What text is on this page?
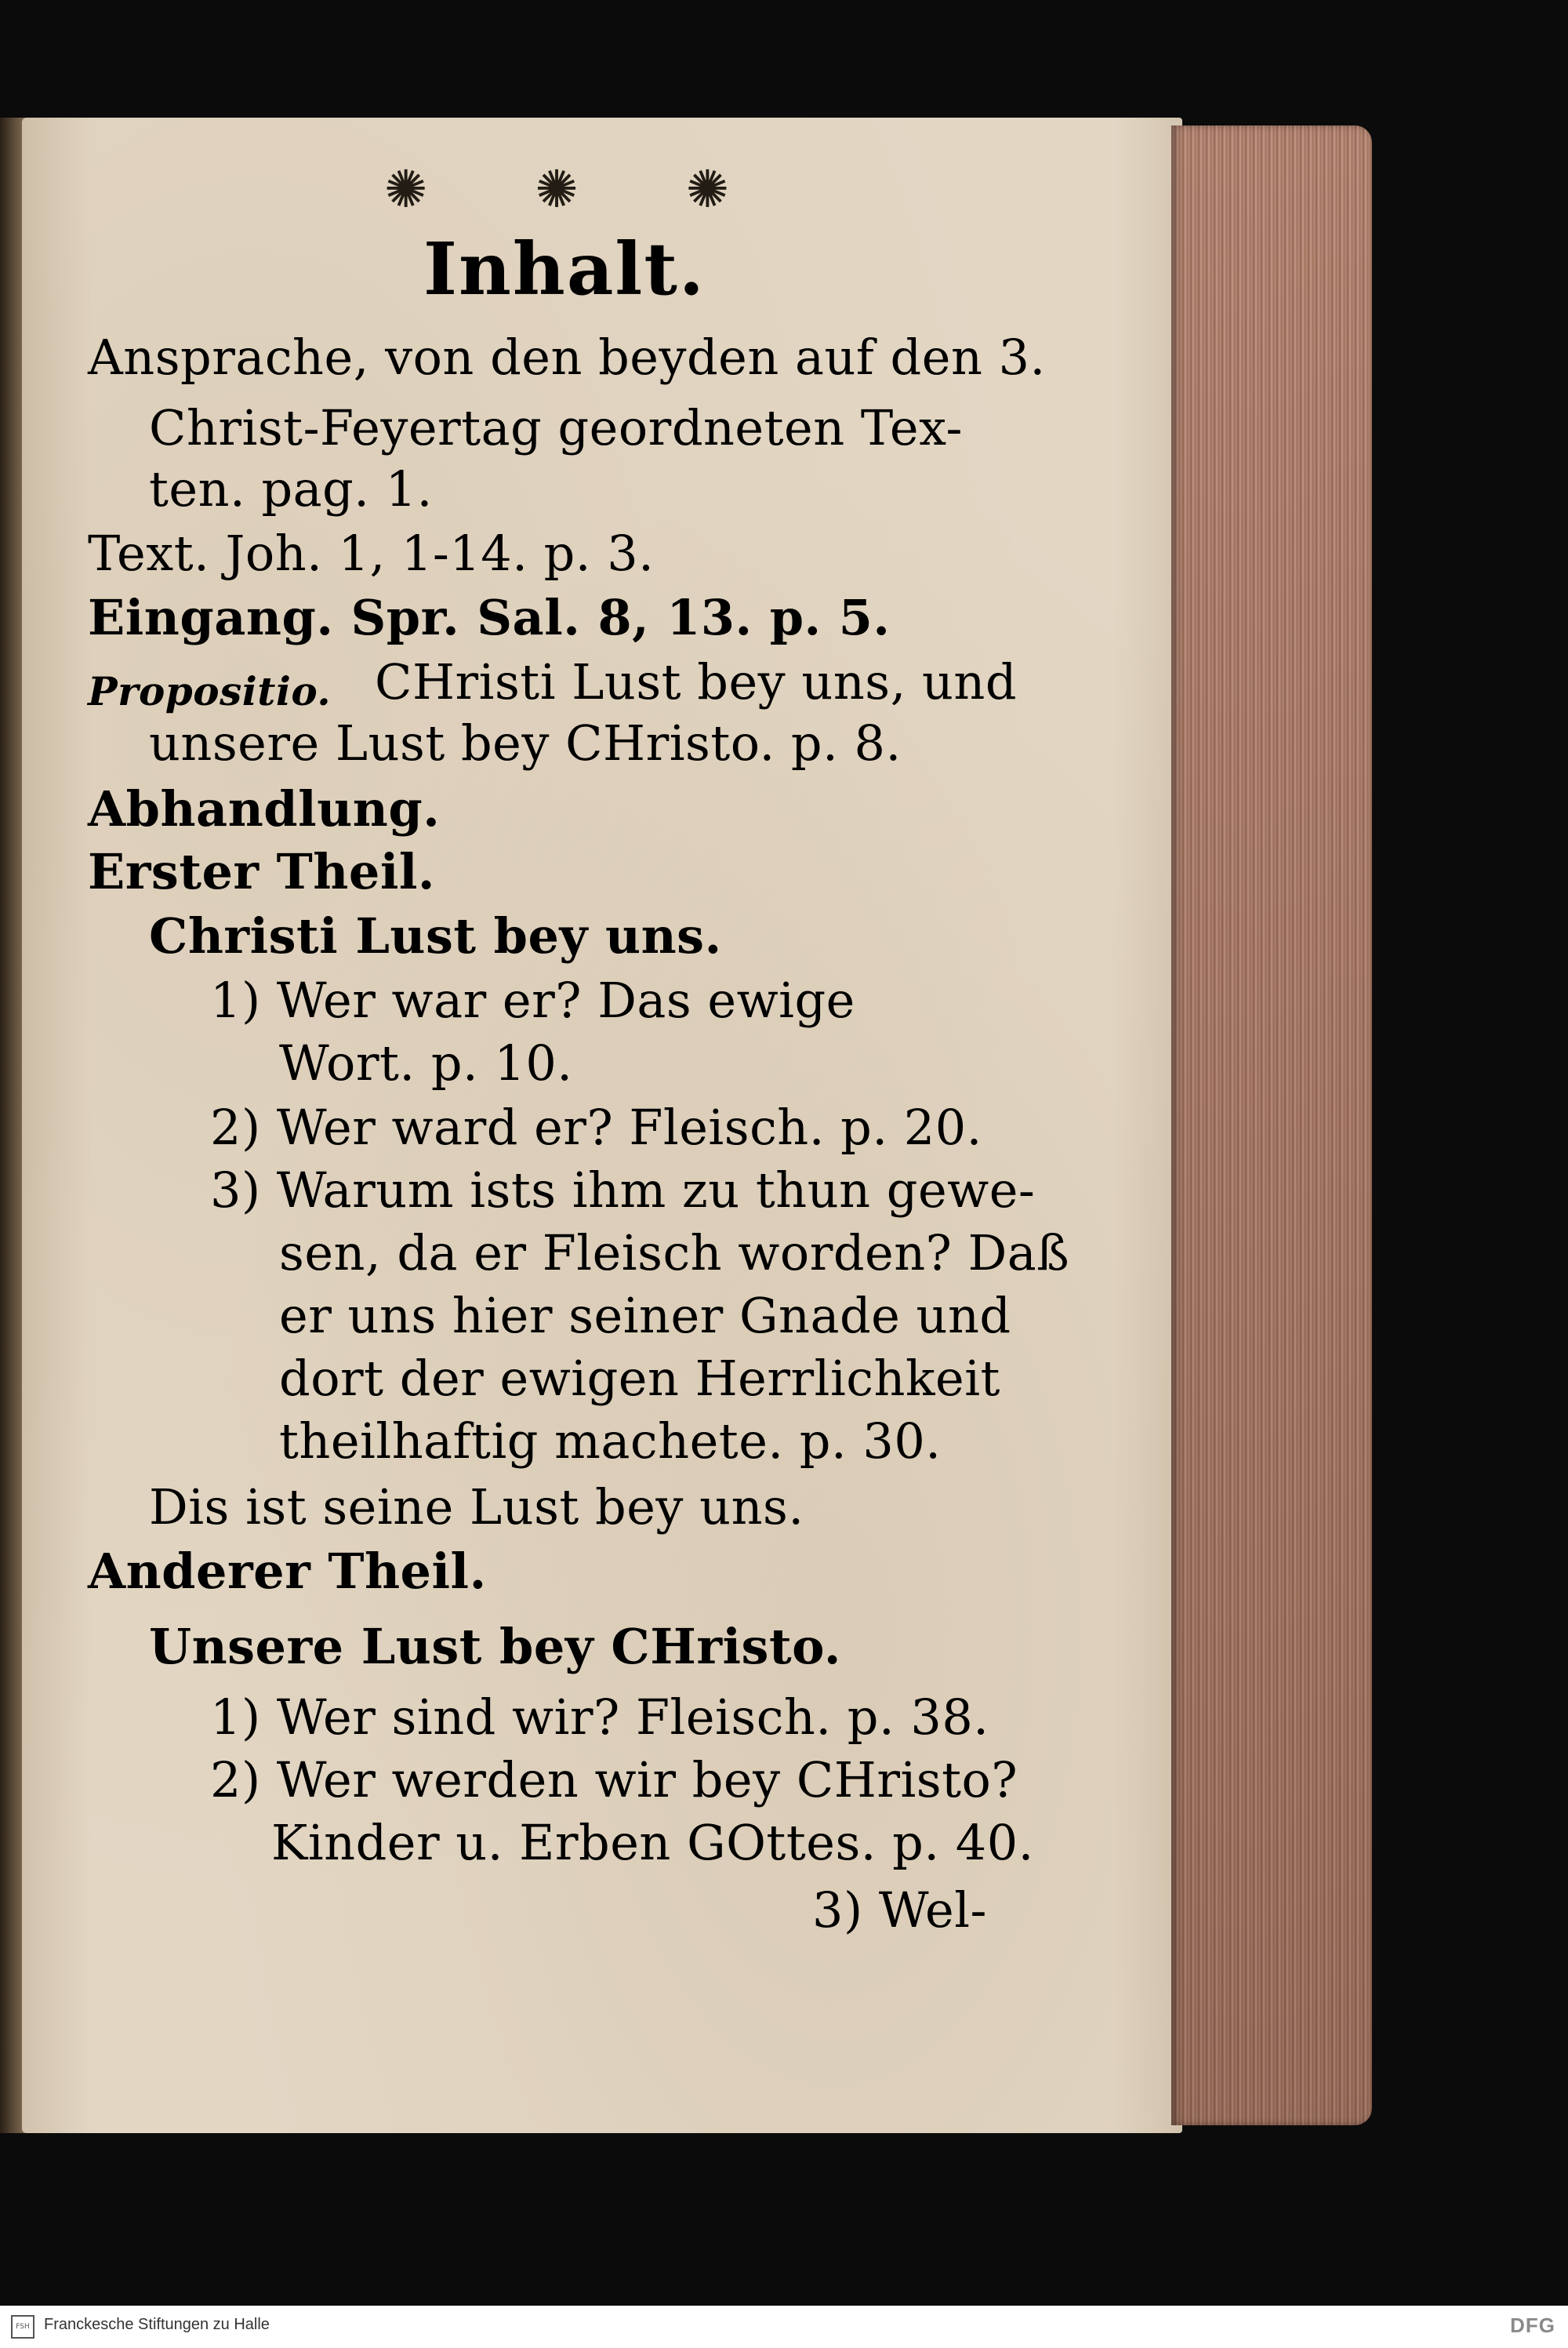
✺ ✺ ✺
Inhalt.
Ansprache, von den beyden auf den 3.
Christ-Feyertag geordneten Tex-
ten. pag. 1.
Text. Joh. 1, 1-14. p. 3.
Eingang. Spr. Sal. 8, 13. p. 5.
Propositio. CHristi Lust bey uns, und
unsere Lust bey CHristo. p. 8.
Abhandlung.
Erster Theil.
Christi Lust bey uns.
1) Wer war er? Das ewige
Wort. p. 10.
2) Wer ward er? Fleisch. p. 20.
3) Warum ists ihm zu thun gewe-
sen, da er Fleisch worden? Daß
er uns hier seiner Gnade und
dort der ewigen Herrlichkeit
theilhaftig machete. p. 30.
Dis ist seine Lust bey uns.
Anderer Theil.
Unsere Lust bey CHristo.
1) Wer sind wir? Fleisch. p. 38.
2) Wer werden wir bey CHristo?
Kinder u. Erben GOttes. p. 40.
3) Wel-
FSH Franckesche Stiftungen zu Halle	DFG
